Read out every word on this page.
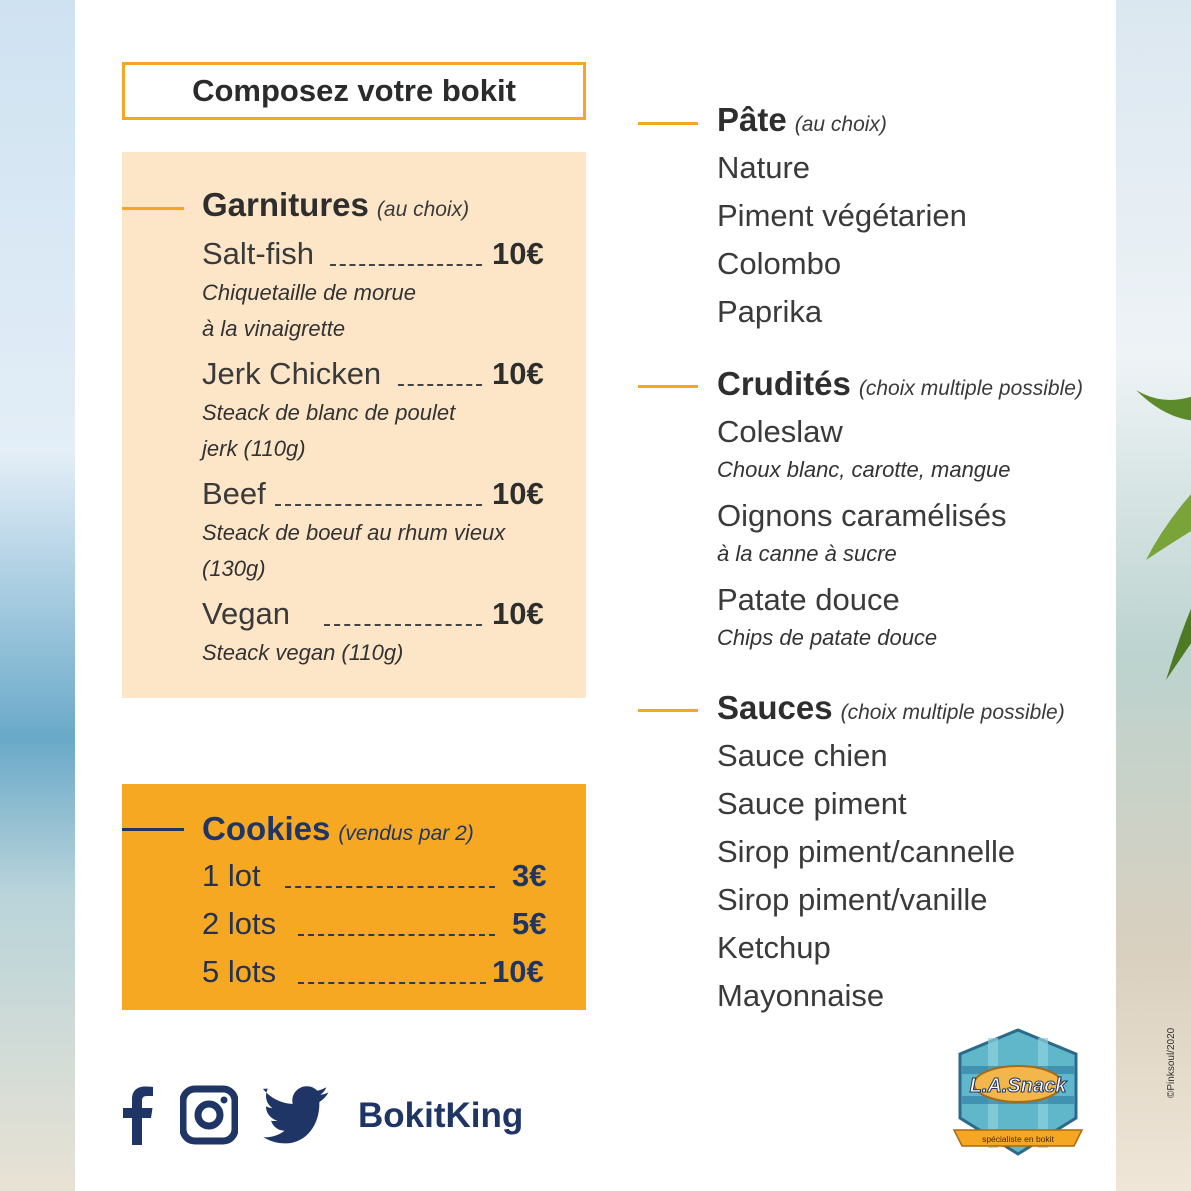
Composez votre bokit
Garnitures (au choix)
Salt-fish	10€
Chiquetaille de morue
à la vinaigrette
Jerk Chicken	10€
Steack de blanc de poulet
jerk (110g)
Beef	10€
Steack de boeuf au rhum vieux
(130g)
Vegan	10€
Steack vegan (110g)
Cookies (vendus par 2)
1 lot	3€
2 lots	5€
5 lots	10€
Pâte (au choix)
Nature
Piment végétarien
Colombo
Paprika
Crudités (choix multiple possible)
Coleslaw
Choux blanc, carotte, mangue
Oignons caramélisés
à la canne à sucre
Patate douce
Chips de patate douce
Sauces (choix multiple possible)
Sauce chien
Sauce piment
Sirop piment/cannelle
Sirop piment/vanille
Ketchup
Mayonnaise
BokitKing
L.A.Snack
spécialiste en bokit
©Pinksoul/2020
